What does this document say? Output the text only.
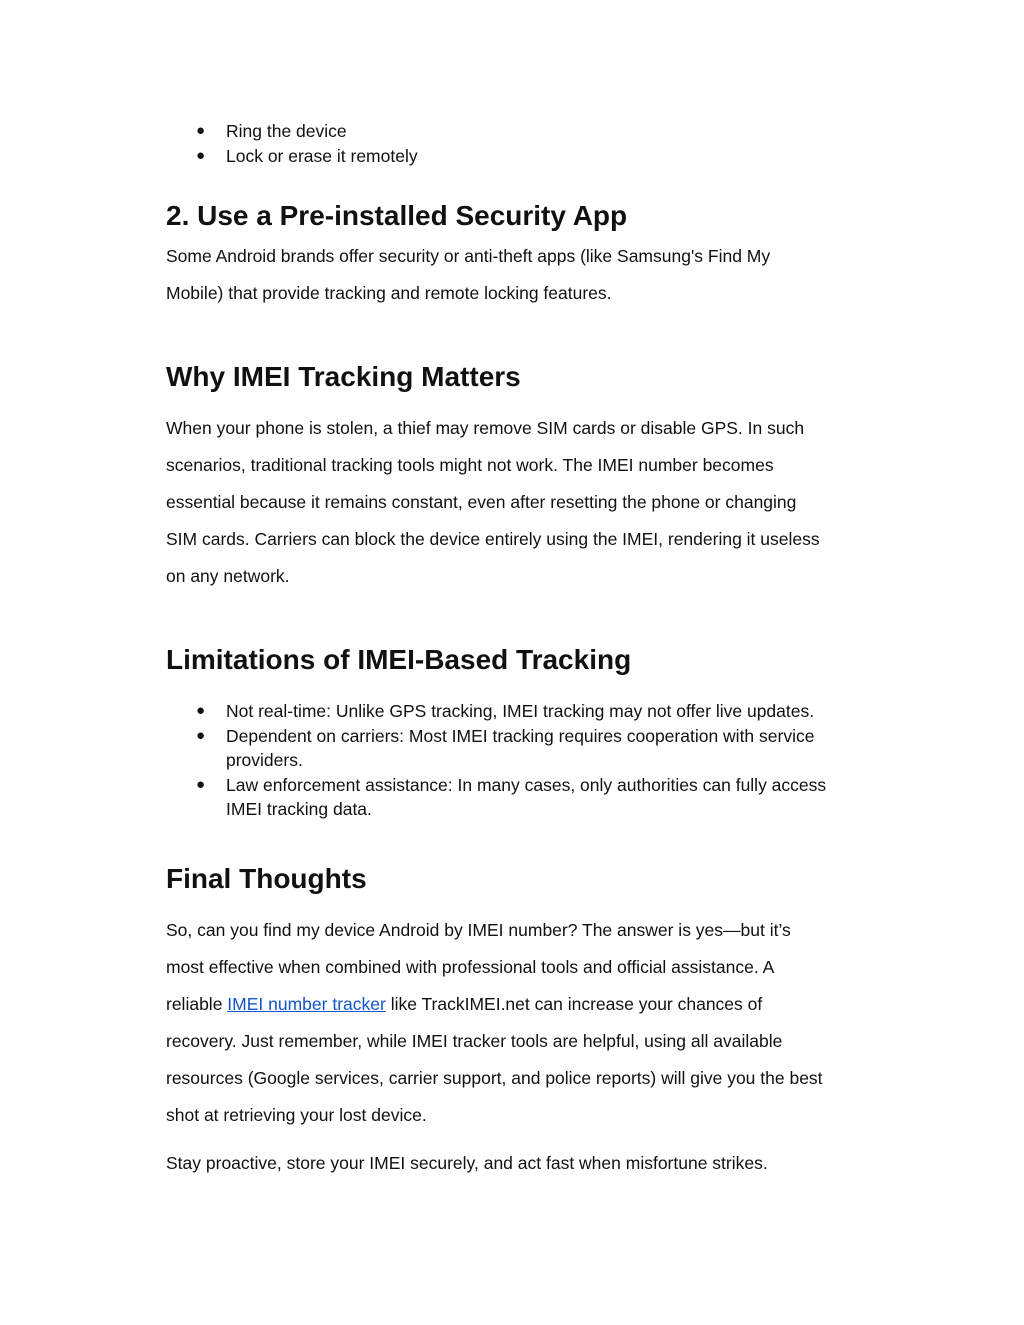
● Ring the device
● Lock or erase it remotely
2. Use a Pre-installed Security App

Some Android brands offer security or anti-theft apps (like Samsung's Find My

Mobile) that provide tracking and remote locking features.

Why IMEI Tracking Matters

When your phone is stolen, a thief may remove SIM cards or disable GPS. In such

scenarios, traditional tracking tools might not work. The IMEI number becomes

essential because it remains constant, even after resetting the phone or changing

SIM cards. Carriers can block the device entirely using the IMEI, rendering it useless

on any network.

Limitations of IMEI-Based Tracking
● Not real-time: Unlike GPS tracking, IMEI tracking may not offer live updates.
● Dependent on carriers: Most IMEI tracking requires cooperation with service
providers.
● Law enforcement assistance: In many cases, only authorities can fully access
IMEI tracking data.
Final Thoughts

So, can you find my device Android by IMEI number? The answer is yes—but it’s

most effective when combined with professional tools and official assistance. A

reliable IMEI number tracker like TrackIMEI.net can increase your chances of

recovery. Just remember, while IMEI tracker tools are helpful, using all available

resources (Google services, carrier support, and police reports) will give you the best

shot at retrieving your lost device.

Stay proactive, store your IMEI securely, and act fast when misfortune strikes.
